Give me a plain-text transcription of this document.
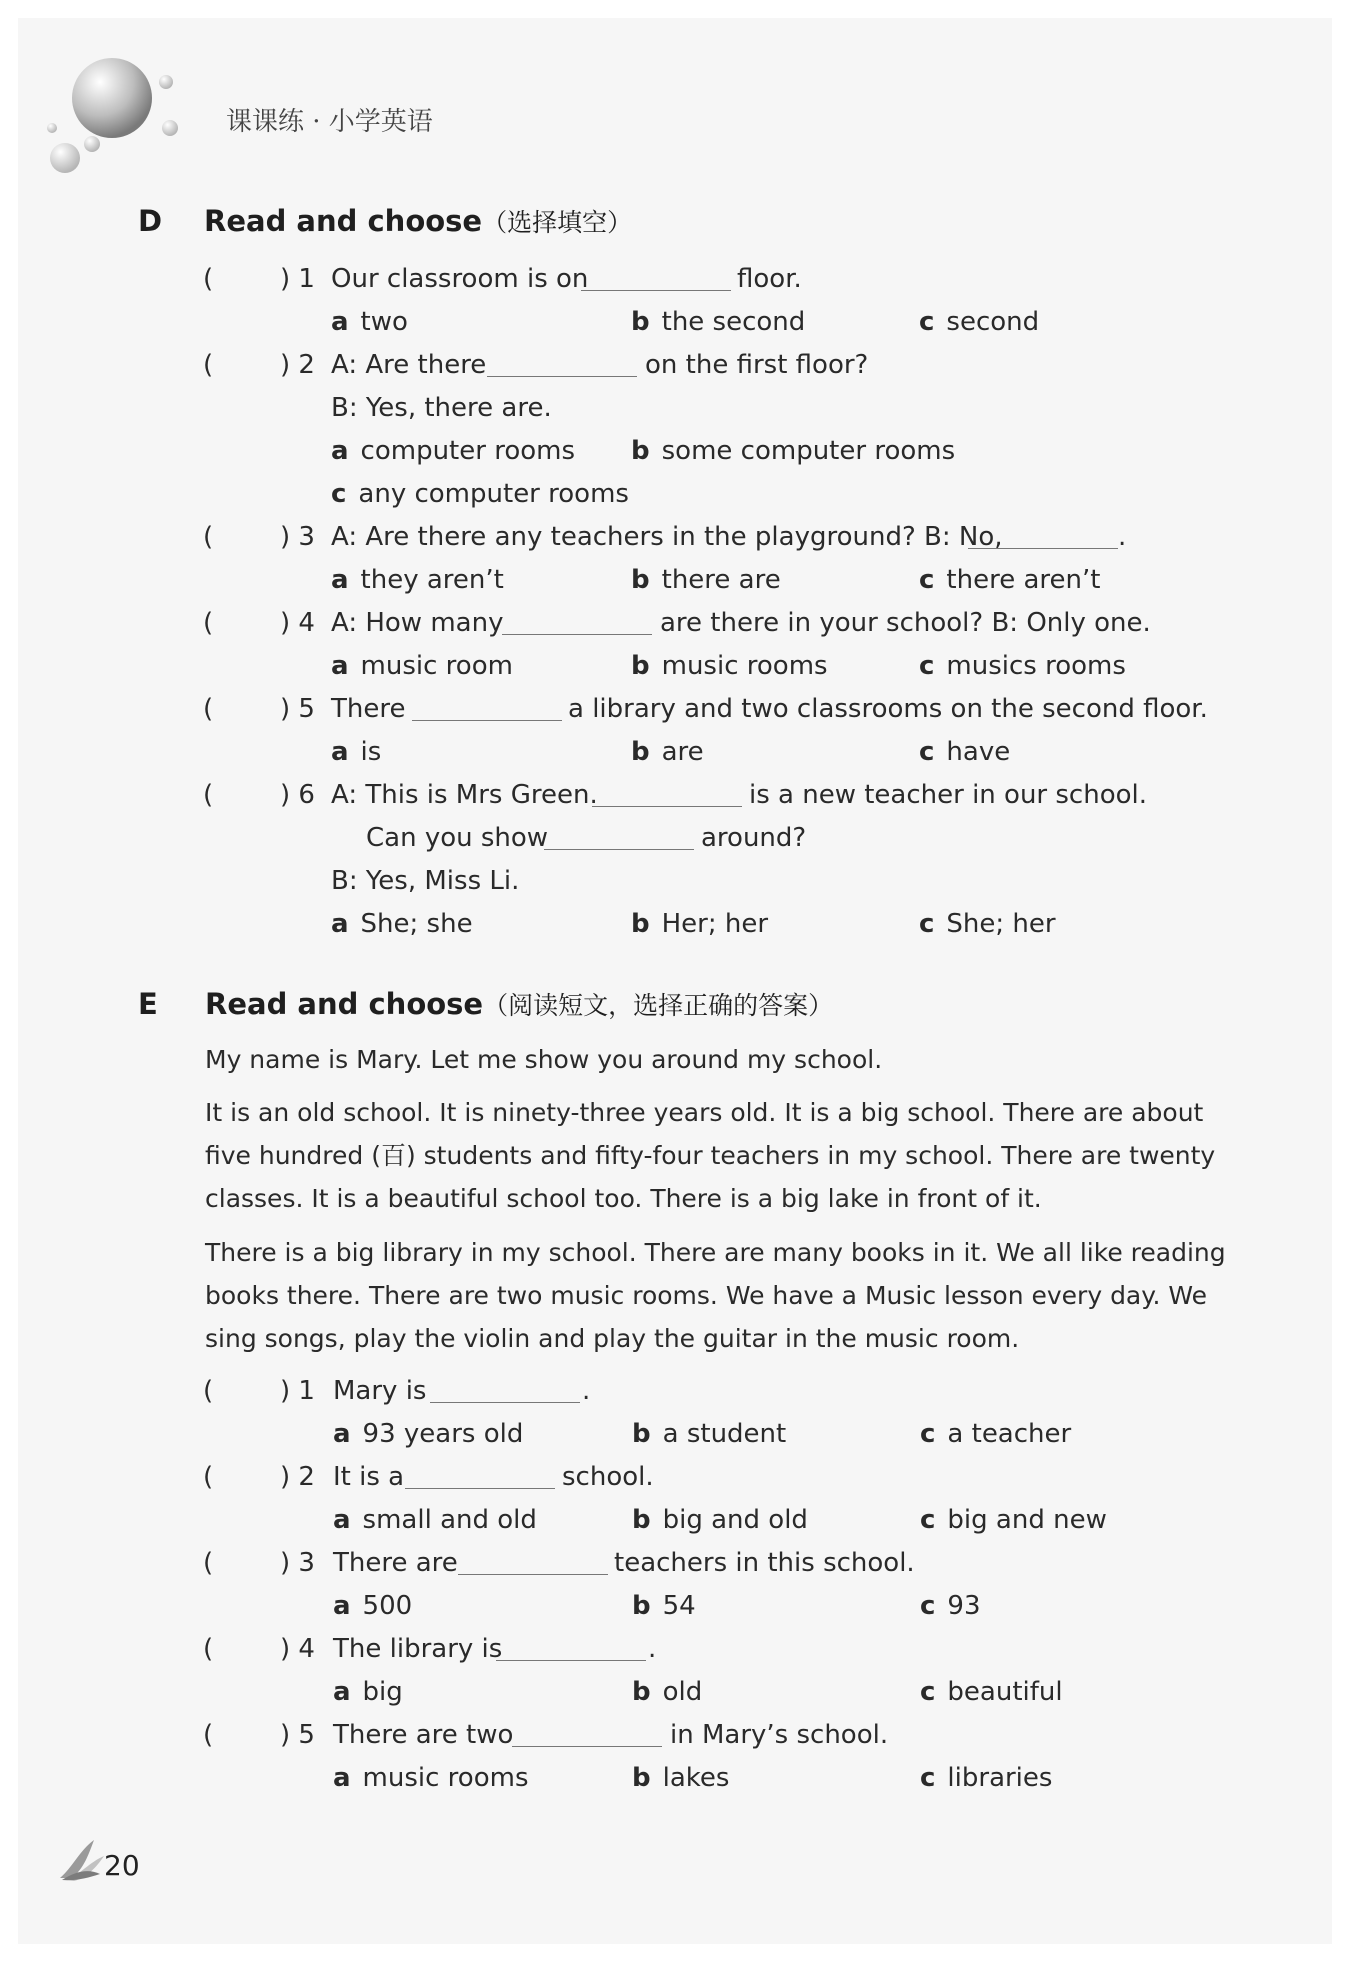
课课练 · 小学英语
D Read and choose（选择填空）
(	) 1 Our classroom is on	floor.
a two	b the second	c second
(	) 2 A: Are there	on the first floor?
B: Yes, there are.
a computer rooms b some computer rooms
c any computer rooms
(	) 3 A: Are there any teachers in the playground? B: No,	.
a they aren’t	b there are	c there aren’t
(	) 4 A: How many	are there in your school? B: Only one.
a music room	b music rooms	c musics rooms
(	) 5 There	a library and two classrooms on the second floor.
a is	b are	c have
(	) 6 A: This is Mrs Green.	is a new teacher in our school.
Can you show	around?
B: Yes, Miss Li.
a She; she	b Her; her	c She; her
E Read and choose（阅读短文，选择正确的答案）
My name is Mary. Let me show you around my school.
It is an old school. It is ninety-three years old. It is a big school. There are about
five hundred (百) students and fifty-four teachers in my school. There are twenty
classes. It is a beautiful school too. There is a big lake in front of it.
There is a big library in my school. There are many books in it. We all like reading
books there. There are two music rooms. We have a Music lesson every day. We
sing songs, play the violin and play the guitar in the music room.
(	) 1 Mary is	.
a 93 years old	b a student	c a teacher
(	) 2 It is a	school.
a small and old	b big and old	c big and new
(	) 3 There are	teachers in this school.
a 500	b 54	c 93
(	) 4 The library is	.
a big	b old	c beautiful
(	) 5 There are two	in Mary’s school.
a music rooms	b lakes	c libraries
20
